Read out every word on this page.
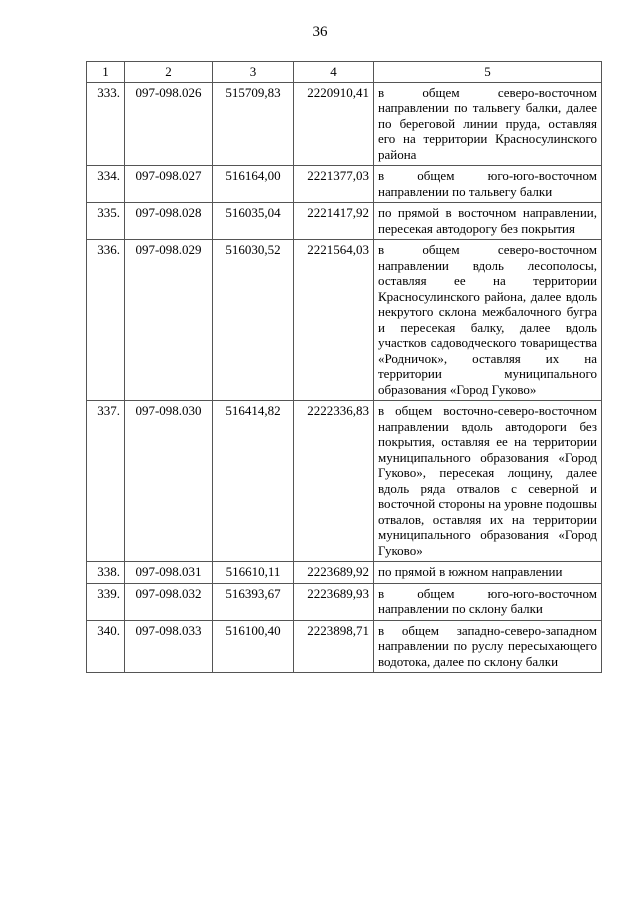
36
1	2	3	4	5
333.	097-098.026	515709,83	2220910,41	в общем северо-восточном направлении по тальвегу балки, далее по береговой линии пруда, оставляя его на территории Красносулинского района
334.	097-098.027	516164,00	2221377,03	в общем юго-юго-восточном направлении по тальвегу балки
335.	097-098.028	516035,04	2221417,92	по прямой в восточном направлении, пересекая автодорогу без покрытия
336.	097-098.029	516030,52	2221564,03	в общем северо-восточном направлении вдоль лесополосы, оставляя ее на территории Красносулинского района, далее вдоль некрутого склона межбалочного бугра и пересекая балку, далее вдоль участков садоводческого товарищества «Родничок», оставляя их на территории муниципального образования «Город Гуково»
337.	097-098.030	516414,82	2222336,83	в общем восточно-северо-восточном направлении вдоль автодороги без покрытия, оставляя ее на территории муниципального образования «Город Гуково», пересекая лощину, далее вдоль ряда отвалов с северной и восточной стороны на уровне подошвы отвалов, оставляя их на территории муниципального образования «Город Гуково»
338.	097-098.031	516610,11	2223689,92	по прямой в южном направлении
339.	097-098.032	516393,67	2223689,93	в общем юго-юго-восточном направлении по склону балки
340.	097-098.033	516100,40	2223898,71	в общем западно-северо-западном направлении по руслу пересыхающего водотока, далее по склону балки
